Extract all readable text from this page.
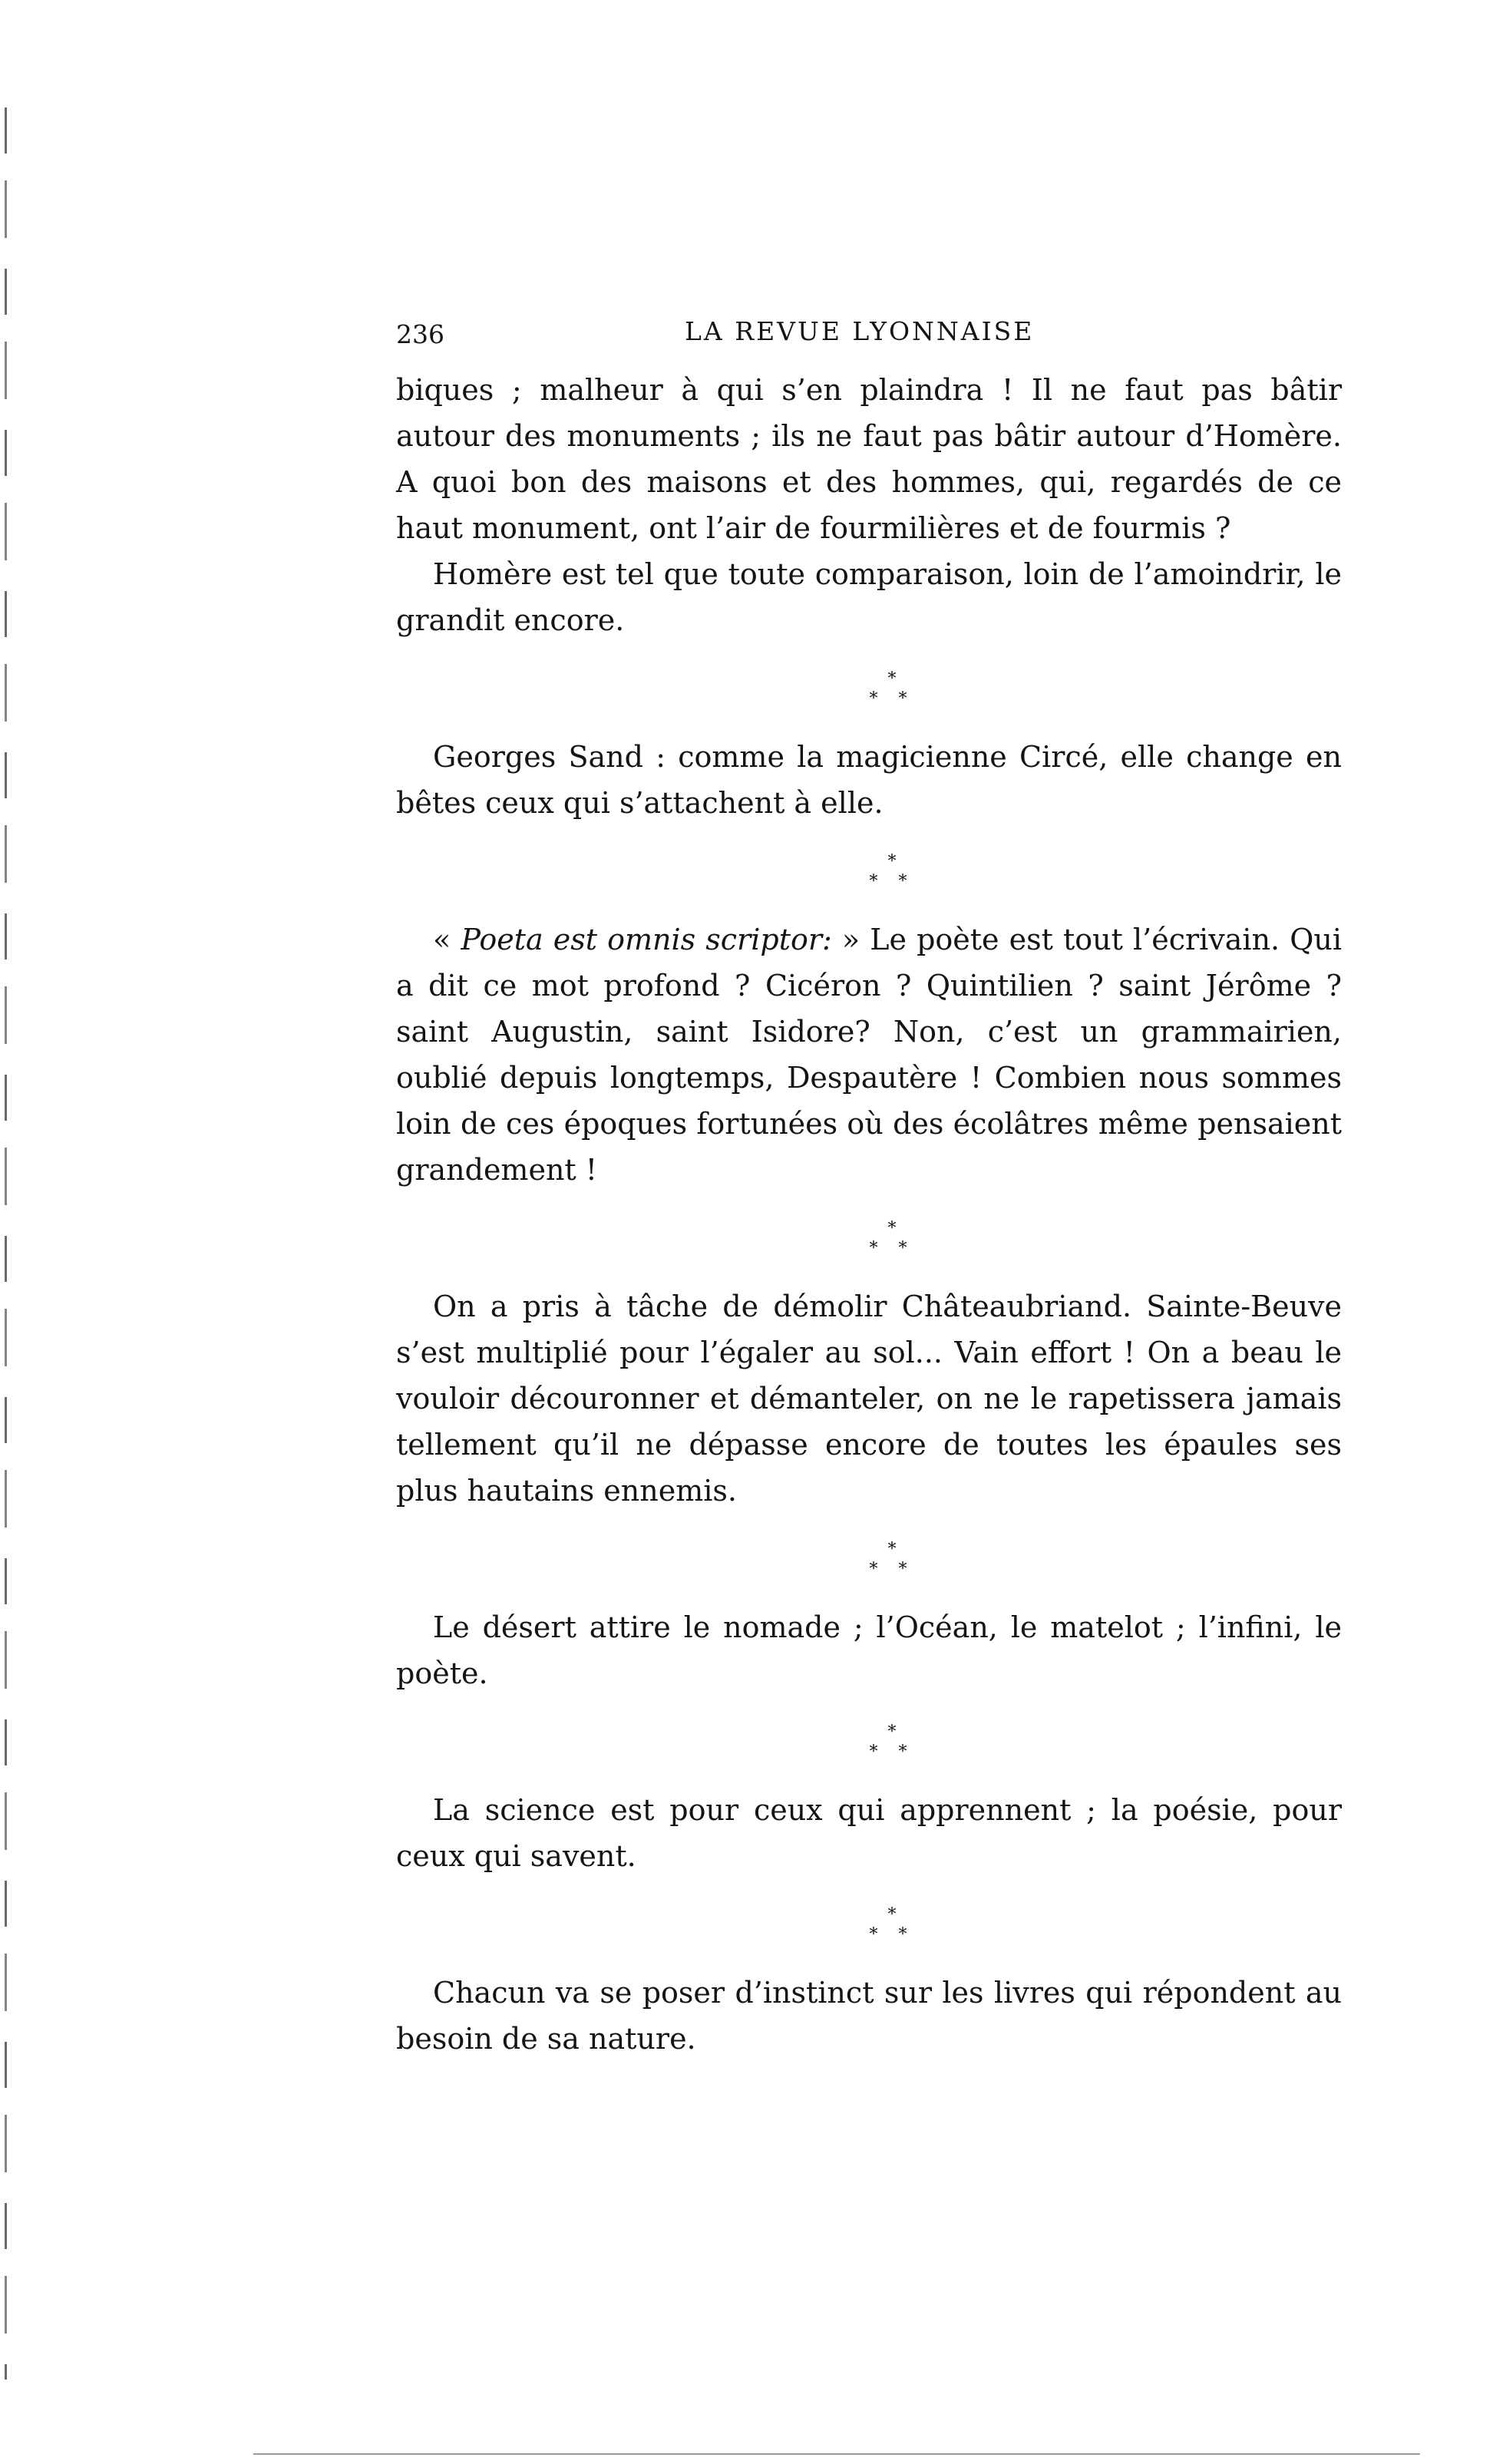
236	LA REVUE LYONNAISE

biques ; malheur à qui s’en plaindra ! Il ne faut pas bâtir autour des monuments ; ils ne faut pas bâtir autour d’Homère. A quoi bon des maisons et des hommes, qui, regardés de ce haut monument, ont l’air de fourmilières et de fourmis ?

Homère est tel que toute comparaison, loin de l’amoindrir, le grandit encore.

*
* *

Georges Sand : comme la magicienne Circé, elle change en bêtes ceux qui s’attachent à elle.

*
* *

« Poeta est omnis scriptor: » Le poète est tout l’écrivain. Qui a dit ce mot profond ? Cicéron ? Quintilien ? saint Jérôme ? saint Augustin, saint Isidore? Non, c’est un grammairien, oublié depuis longtemps, Despautère ! Combien nous sommes loin de ces époques fortunées où des écolâtres même pensaient grandement !

*
* *

On a pris à tâche de démolir Châteaubriand. Sainte-Beuve s’est multiplié pour l’égaler au sol... Vain effort ! On a beau le vouloir découronner et démanteler, on ne le rapetissera jamais tellement qu’il ne dépasse encore de toutes les épaules ses plus hautains ennemis.

*
* *

Le désert attire le nomade ; l’Océan, le matelot ; l’infini, le poète.

*
* *

La science est pour ceux qui apprennent ; la poésie, pour ceux qui savent.

*
* *

Chacun va se poser d’instinct sur les livres qui répondent au besoin de sa nature.
